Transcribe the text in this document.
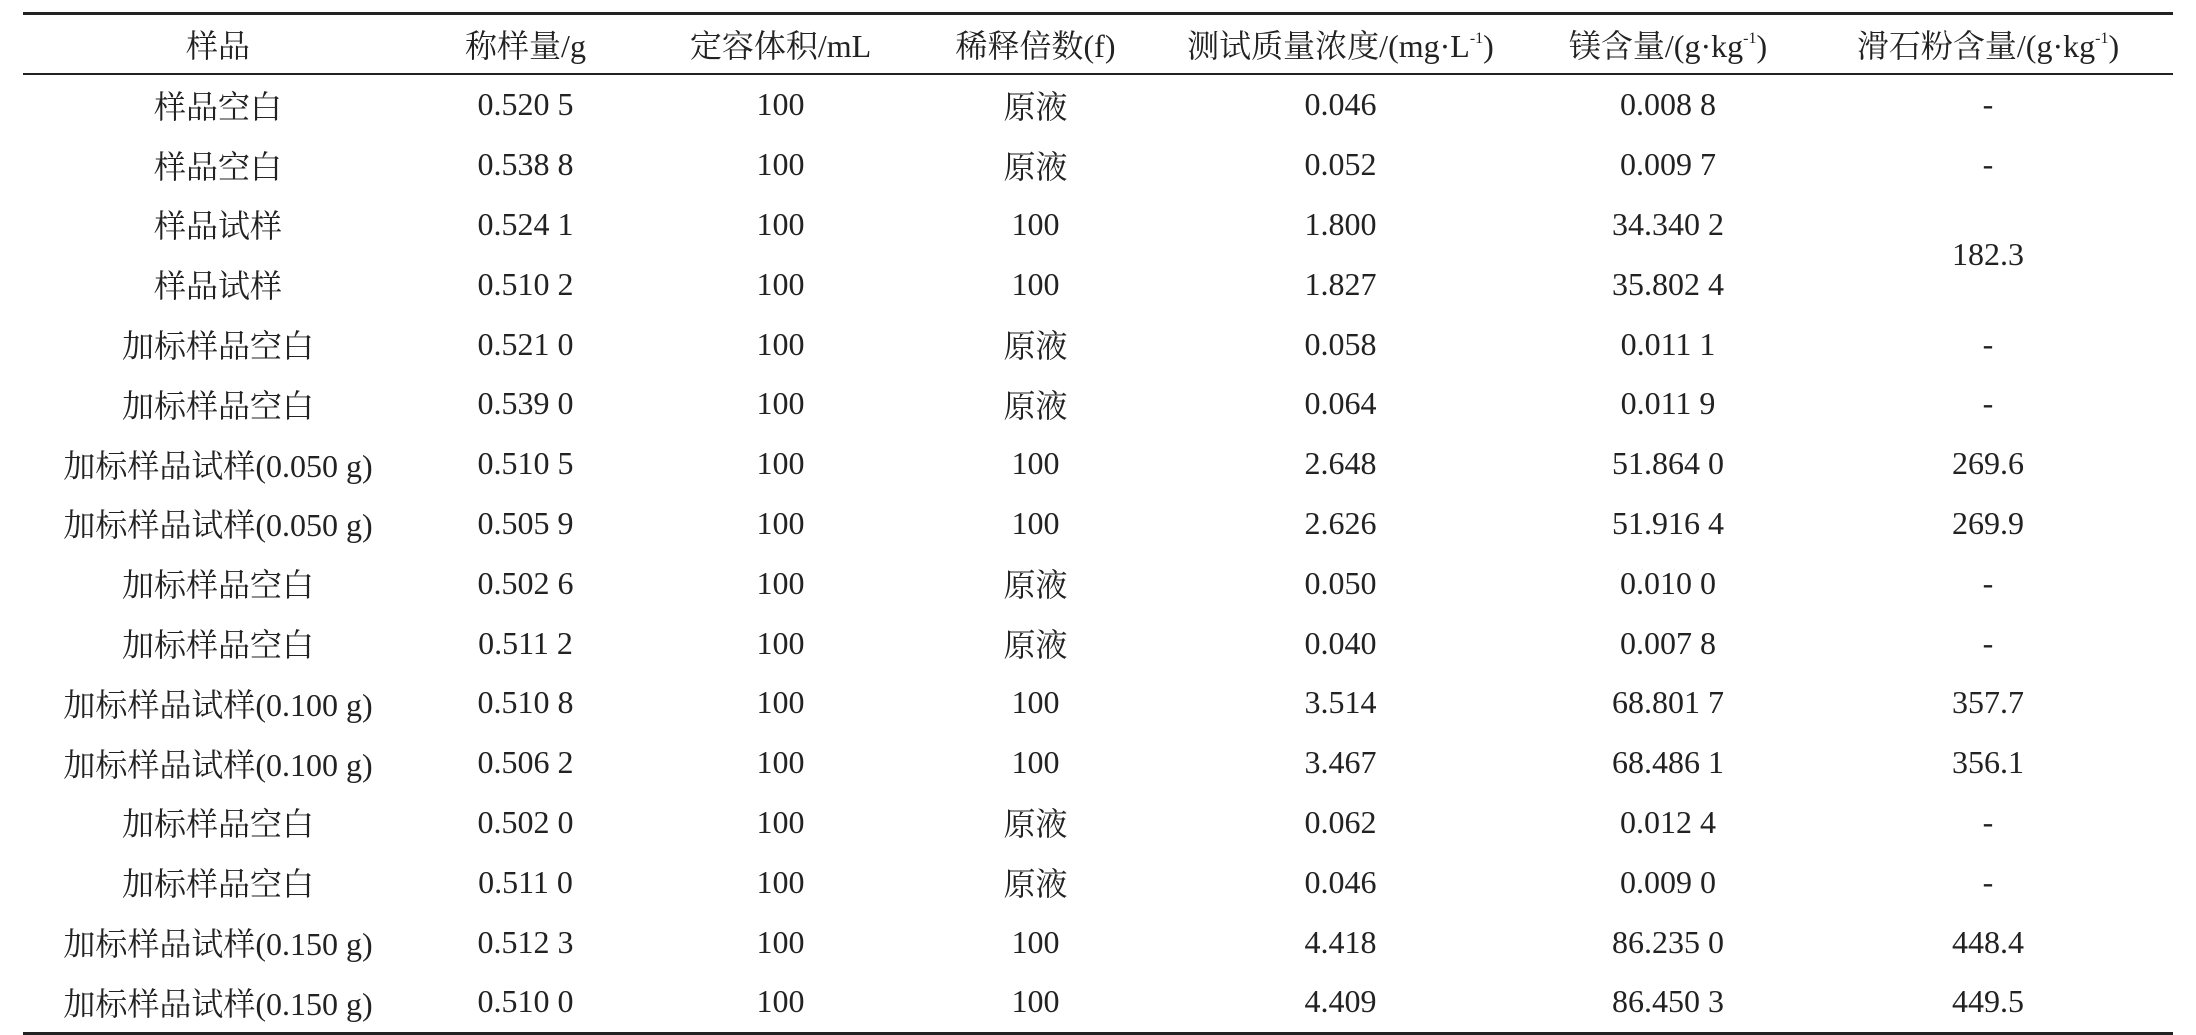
样品	称样量/g	定容体积/mL	稀释倍数(f)	测试质量浓度$/(mg\cdot L^{-1})$	镁含量$/(g\cdot kg^{-1})$	滑石粉含量$/(g\cdot kg^{-1})$
样品空白	0.520 5	100	原液	0.046	0.008 8	-
样品空白	0.538 8	100	原液	0.052	0.009 7	-
样品试样	0.524 1	100	100	1.800	34.340 2	182.3
样品试样	0.510 2	100	100	1.827	35.802 4	
加标样品空白	0.521 0	100	原液	0.058	0.011 1	-
加标样品空白	0.539 0	100	原液	0.064	0.011 9	-
加标样品试样(0.050 g)	0.510 5	100	100	2.648	51.864 0	269.6
加标样品试样(0.050 g)	0.505 9	100	100	2.626	51.916 4	269.9
加标样品空白	0.502 6	100	原液	0.050	0.010 0	-
加标样品空白	0.511 2	100	原液	0.040	0.007 8	-
加标样品试样(0.100 g)	0.510 8	100	100	3.514	68.801 7	357.7
加标样品试样(0.100 g)	0.506 2	100	100	3.467	68.486 1	356.1
加标样品空白	0.502 0	100	原液	0.062	0.012 4	-
加标样品空白	0.511 0	100	原液	0.046	0.009 0	-
加标样品试样(0.150 g)	0.512 3	100	100	4.418	86.235 0	448.4
加标样品试样(0.150 g)	0.510 0	100	100	4.409	86.450 3	449.5
